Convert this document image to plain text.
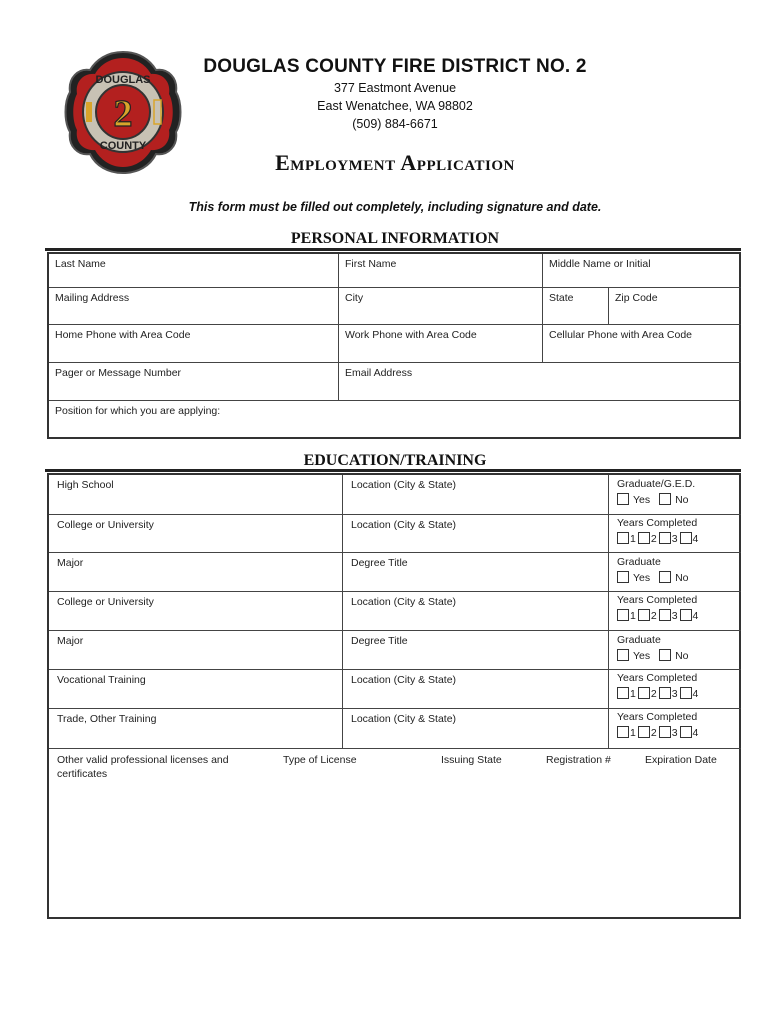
2
DOUGLAS
COUNTY
DOUGLAS COUNTY FIRE DISTRICT NO. 2
377 Eastmont Avenue
East Wenatchee, WA 98802
(509) 884-6671
Employment Application
This form must be filled out completely, including signature and date.
PERSONAL INFORMATION
Last Name	First Name	Middle Name or Initial
Mailing Address	City	State	Zip Code
Home Phone with Area Code	Work Phone with Area Code	Cellular Phone with Area Code
Pager or Message Number	Email Address
Position for which you are applying:
EDUCATION/TRAINING
High School	Location (City & State)	Graduate/G.E.D.
Yes No
College or University	Location (City & State)	Years Completed
1 2 3 4
Major	Degree Title	Graduate
Yes No
College or University	Location (City & State)	Years Completed
1 2 3 4
Major	Degree Title	Graduate
Yes No
Vocational Training	Location (City & State)	Years Completed
1 2 3 4
Trade, Other Training	Location (City & State)	Years Completed
1 2 3 4
Other valid professional licenses and
certificates
Type of License	Issuing State	Registration #	Expiration Date
